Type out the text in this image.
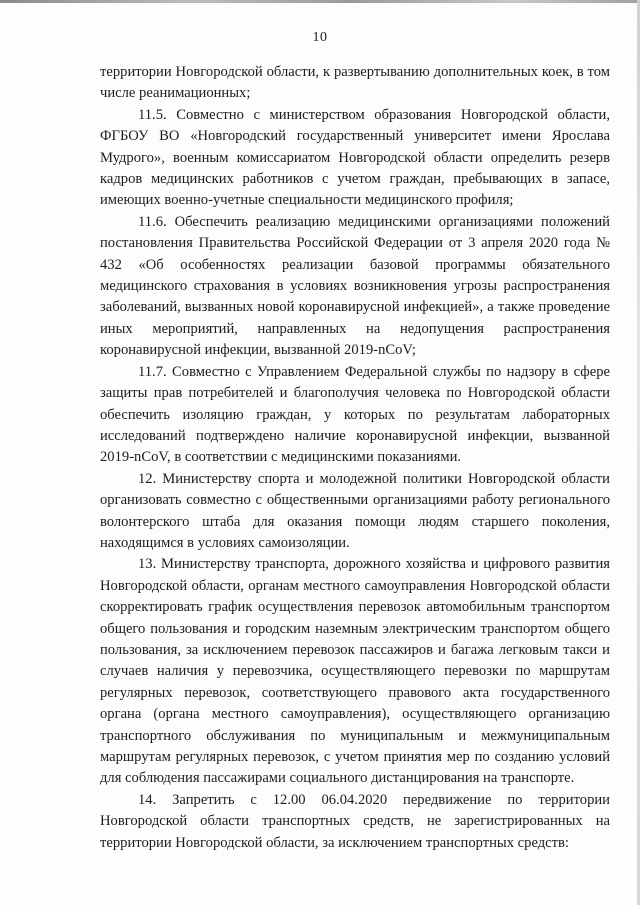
10

территории Новгородской области, к развертыванию дополнительных коек, в том числе реанимационных;

11.5. Совместно с министерством образования Новгородской области, ФГБОУ ВО «Новгородский государственный университет имени Ярослава Мудрого», военным комиссариатом Новгородской области определить резерв кадров медицинских работников с учетом граждан, пребывающих в запасе, имеющих военно-учетные специальности медицинского профиля;

11.6. Обеспечить реализацию медицинскими организациями положений постановления Правительства Российской Федерации от 3 апреля 2020 года № 432 «Об особенностях реализации базовой программы обязательного медицинского страхования в условиях возникновения угрозы распространения заболеваний, вызванных новой коронавирусной инфекцией», а также проведение иных мероприятий, направленных на недопущения распространения коронавирусной инфекции, вызванной 2019-nCoV;

11.7. Совместно с Управлением Федеральной службы по надзору в сфере защиты прав потребителей и благополучия человека по Новгородской области обеспечить изоляцию граждан, у которых по результатам лабораторных исследований подтверждено наличие коронавирусной инфекции, вызванной 2019-nCoV, в соответствии с медицинскими показаниями.

12. Министерству спорта и молодежной политики Новгородской области организовать совместно с общественными организациями работу регионального волонтерского штаба для оказания помощи людям старшего поколения, находящимся в условиях самоизоляции.

13. Министерству транспорта, дорожного хозяйства и цифрового развития Новгородской области, органам местного самоуправления Новгородской области скорректировать график осуществления перевозок автомобильным транспортом общего пользования и городским наземным электрическим транспортом общего пользования, за исключением перевозок пассажиров и багажа легковым такси и случаев наличия у перевозчика, осуществляющего перевозки по маршрутам регулярных перевозок, соответствующего правового акта государственного органа (органа местного самоуправления), осуществляющего организацию транспортного обслуживания по муниципальным и межмуниципальным маршрутам регулярных перевозок, с учетом принятия мер по созданию условий для соблюдения пассажирами социального дистанцирования на транспорте.

14. Запретить с 12.00 06.04.2020 передвижение по территории Новгородской области транспортных средств, не зарегистрированных на территории Новгородской области, за исключением транспортных средств:
